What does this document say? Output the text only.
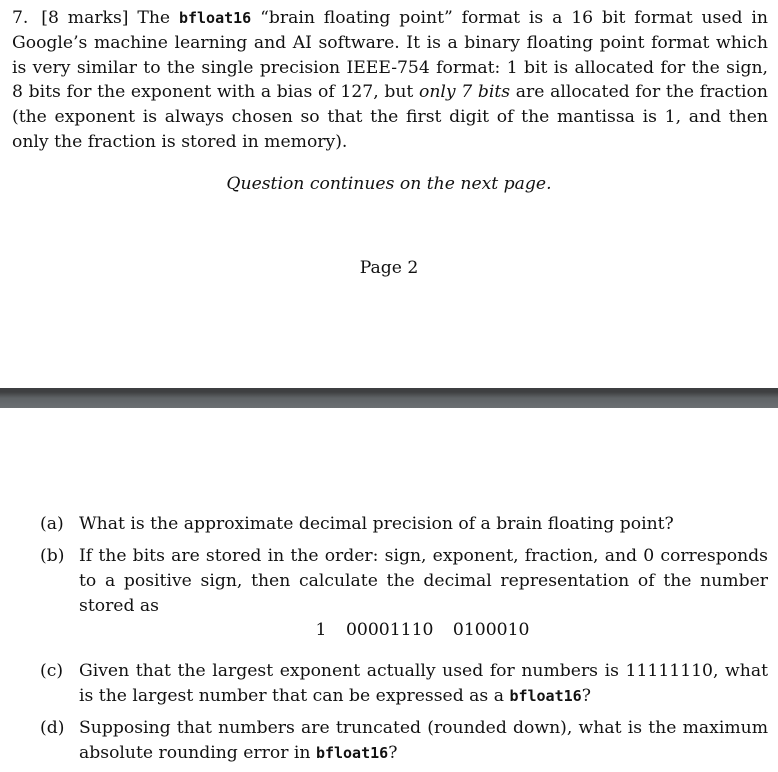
7. [8 marks] The bfloat16 “brain floating point” format is a 16 bit format used in Google’s machine learning and AI software. It is a binary floating point format which is very similar to the single precision IEEE-754 format: 1 bit is allocated for the sign, 8 bits for the exponent with a bias of 127, but only 7 bits are allocated for the fraction (the exponent is always chosen so that the first digit of the mantissa is 1, and then only the fraction is stored in memory).

Question continues on the next page.
Page 2
(a) What is the approximate decimal precision of a brain floating point?
(b) If the bits are stored in the order: sign, exponent, fraction, and 0 corresponds to a positive sign, then calculate the decimal representation of the number stored as
1 00001110 0100010
(c) Given that the largest exponent actually used for numbers is 11111110, what is the largest number that can be expressed as a bfloat16?
(d) Supposing that numbers are truncated (rounded down), what is the maximum absolute rounding error in bfloat16?
